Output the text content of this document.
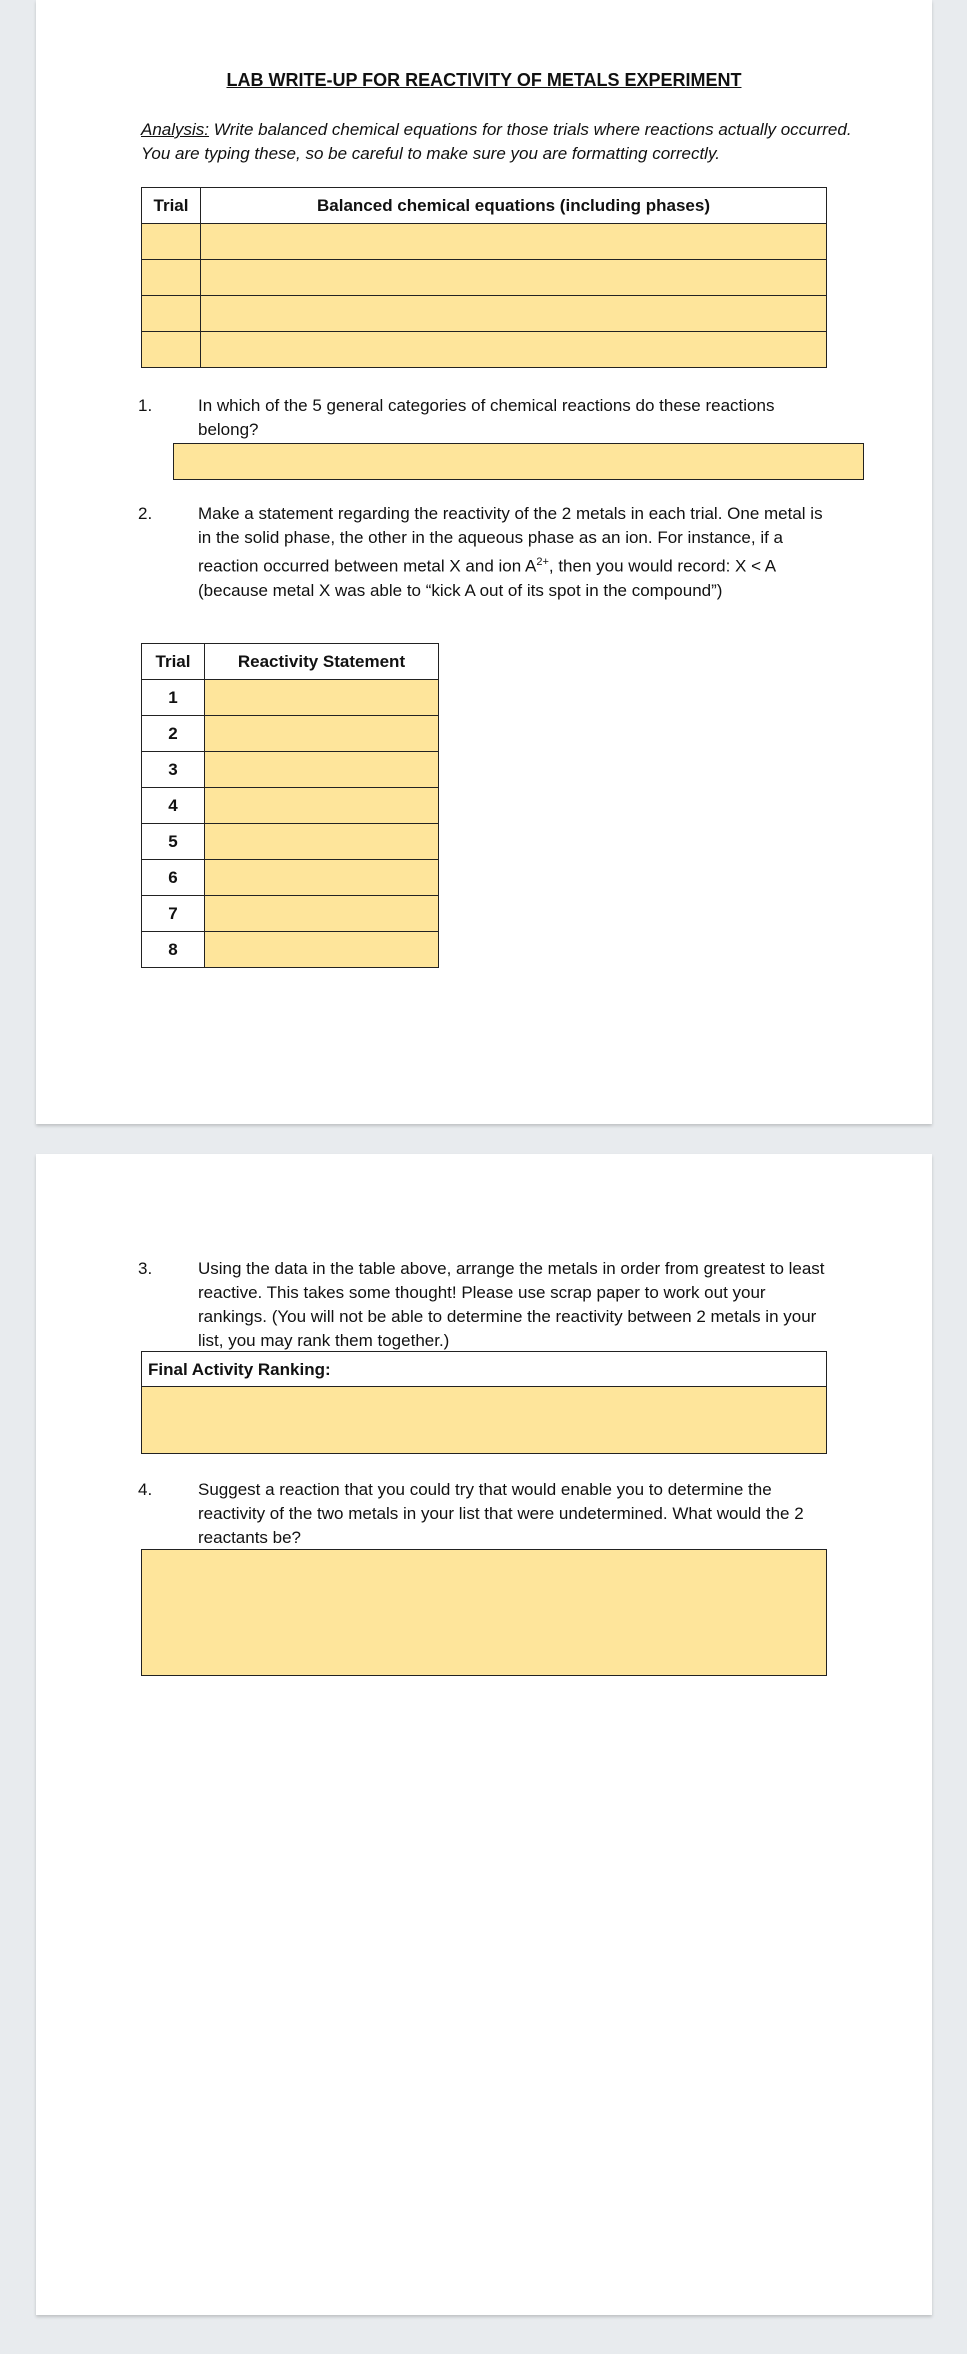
LAB WRITE-UP FOR REACTIVITY OF METALS EXPERIMENT
Analysis: Write balanced chemical equations for those trials where reactions actually occurred. You are typing these, so be careful to make sure you are formatting correctly.
Trial	Balanced chemical equations (including phases)

1.	In which of the 5 general categories of chemical reactions do these reactions belong?
2.	Make a statement regarding the reactivity of the 2 metals in each trial. One metal is in the solid phase, the other in the aqueous phase as an ion. For instance, if a reaction occurred between metal X and ion $A^{2+}$, then you would record: X < A (because metal X was able to “kick A out of its spot in the compound”)
Trial	Reactivity Statement
1	
2	
3	
4	
5	
6	
7	
8	
3.	Using the data in the table above, arrange the metals in order from greatest to least reactive. This takes some thought! Please use scrap paper to work out your rankings. (You will not be able to determine the reactivity between 2 metals in your list, you may rank them together.)
Final Activity Ranking:
4.	Suggest a reaction that you could try that would enable you to determine the reactivity of the two metals in your list that were undetermined. What would the 2 reactants be?
